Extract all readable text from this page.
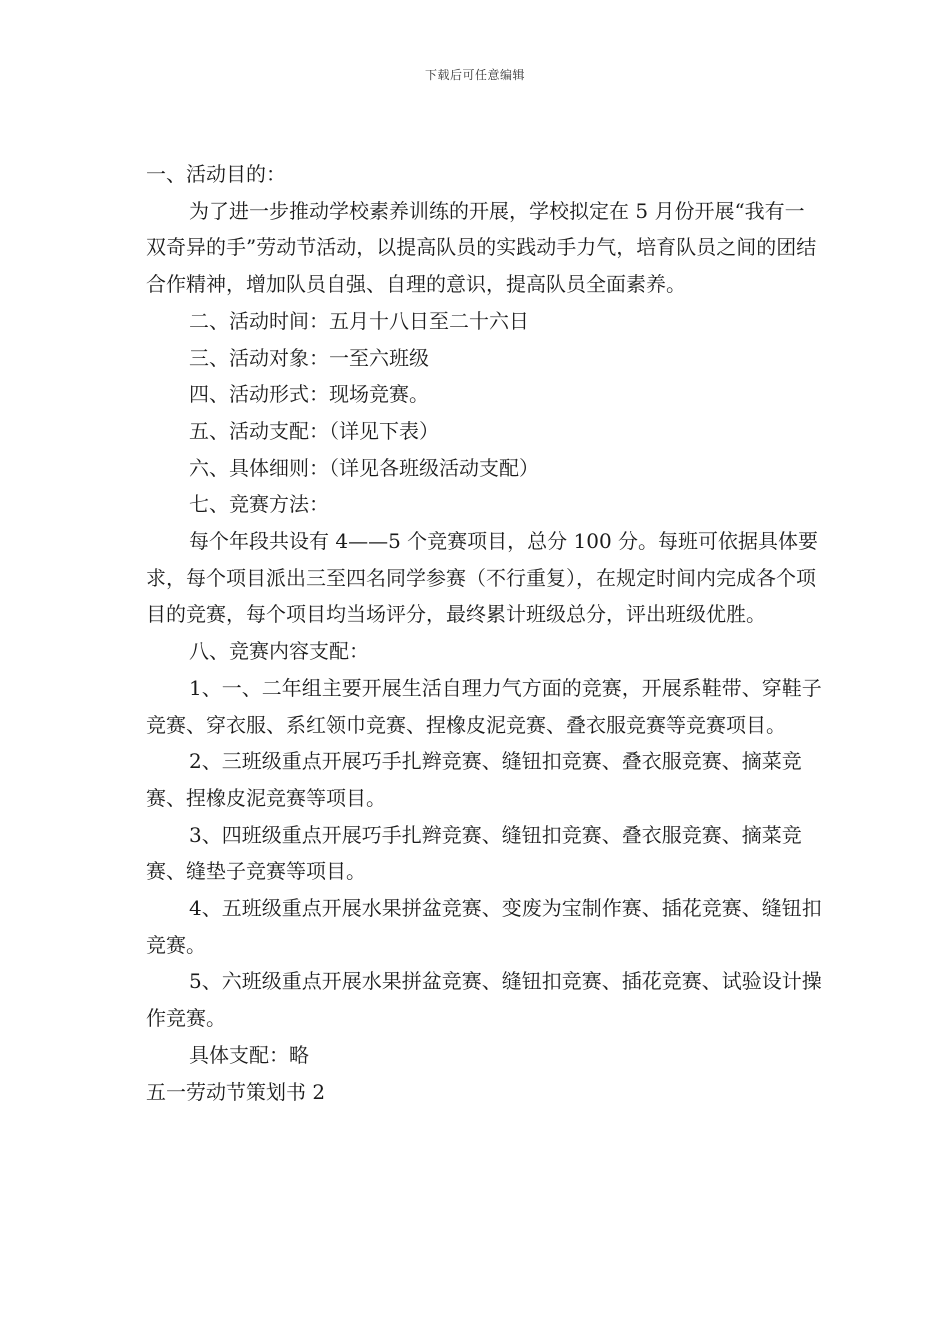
下载后可任意编辑

一、活动目的：

为了进一步推动学校素养训练的开展，学校拟定在 5 月份开展“我有一双奇异的手”劳动节活动，以提高队员的实践动手力气，培育队员之间的团结合作精神，增加队员自强、自理的意识，提高队员全面素养。

二、活动时间：五月十八日至二十六日

三、活动对象：一至六班级

四、活动形式：现场竞赛。

五、活动支配：（详见下表）

六、具体细则：（详见各班级活动支配）

七、竞赛方法：

每个年段共设有 4——5 个竞赛项目，总分 100 分。每班可依据具体要求，每个项目派出三至四名同学参赛（不行重复），在规定时间内完成各个项目的竞赛，每个项目均当场评分，最终累计班级总分，评出班级优胜。

八、竞赛内容支配：

1、一、二年组主要开展生活自理力气方面的竞赛，开展系鞋带、穿鞋子竞赛、穿衣服、系红领巾竞赛、捏橡皮泥竞赛、叠衣服竞赛等竞赛项目。

2、三班级重点开展巧手扎辫竞赛、缝钮扣竞赛、叠衣服竞赛、摘菜竞赛、捏橡皮泥竞赛等项目。

3、四班级重点开展巧手扎辫竞赛、缝钮扣竞赛、叠衣服竞赛、摘菜竞赛、缝垫子竞赛等项目。

4、五班级重点开展水果拼盆竞赛、变废为宝制作赛、插花竞赛、缝钮扣竞赛。

5、六班级重点开展水果拼盆竞赛、缝钮扣竞赛、插花竞赛、试验设计操作竞赛。

具体支配：略

五一劳动节策划书 2
